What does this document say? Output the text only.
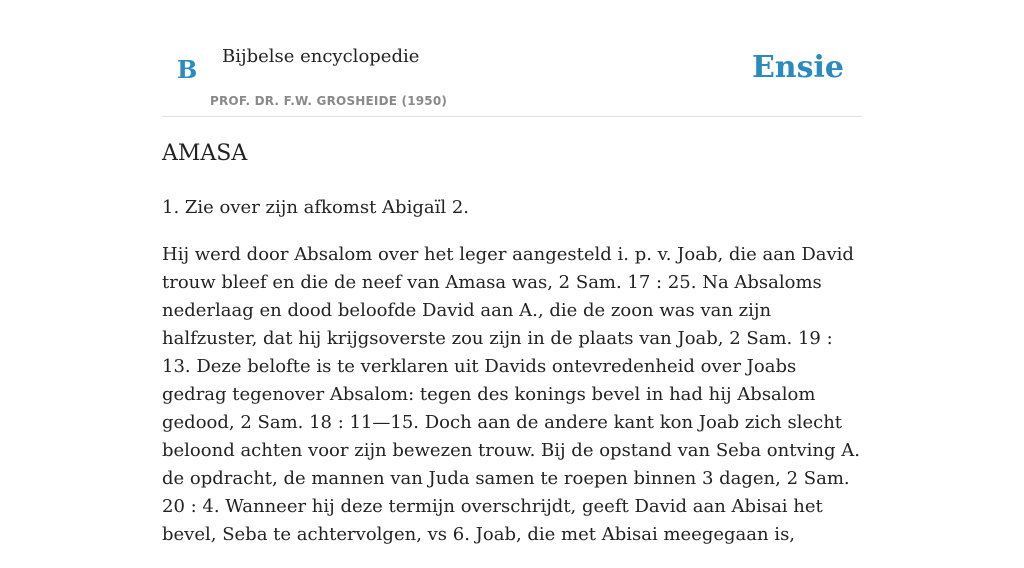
B Bijbelse encyclopedie
PROF. DR. F.W. GROSHEIDE (1950)
Ensie
AMASA

1. Zie over zijn afkomst Abigaïl 2.

Hij werd door Absalom over het leger aangesteld i. p. v. Joab, die aan David trouw bleef en die de neef van Amasa was, 2 Sam. 17 : 25. Na Absaloms nederlaag en dood beloofde David aan A., die de zoon was van zijn halfzuster, dat hij krijgsoverste zou zijn in de plaats van Joab, 2 Sam. 19 : 13. Deze belofte is te verklaren uit Davids ontevredenheid over Joabs gedrag tegenover Absalom: tegen des konings bevel in had hij Absalom gedood, 2 Sam. 18 : 11—15. Doch aan de andere kant kon Joab zich slecht beloond achten voor zijn bewezen trouw. Bij de opstand van Seba ontving A. de opdracht, de mannen van Juda samen te roepen binnen 3 dagen, 2 Sam. 20 : 4. Wanneer hij deze termijn overschrijdt, geeft David aan Abisai het bevel, Seba te achtervolgen, vs 6. Joab, die met Abisai meegegaan is,
